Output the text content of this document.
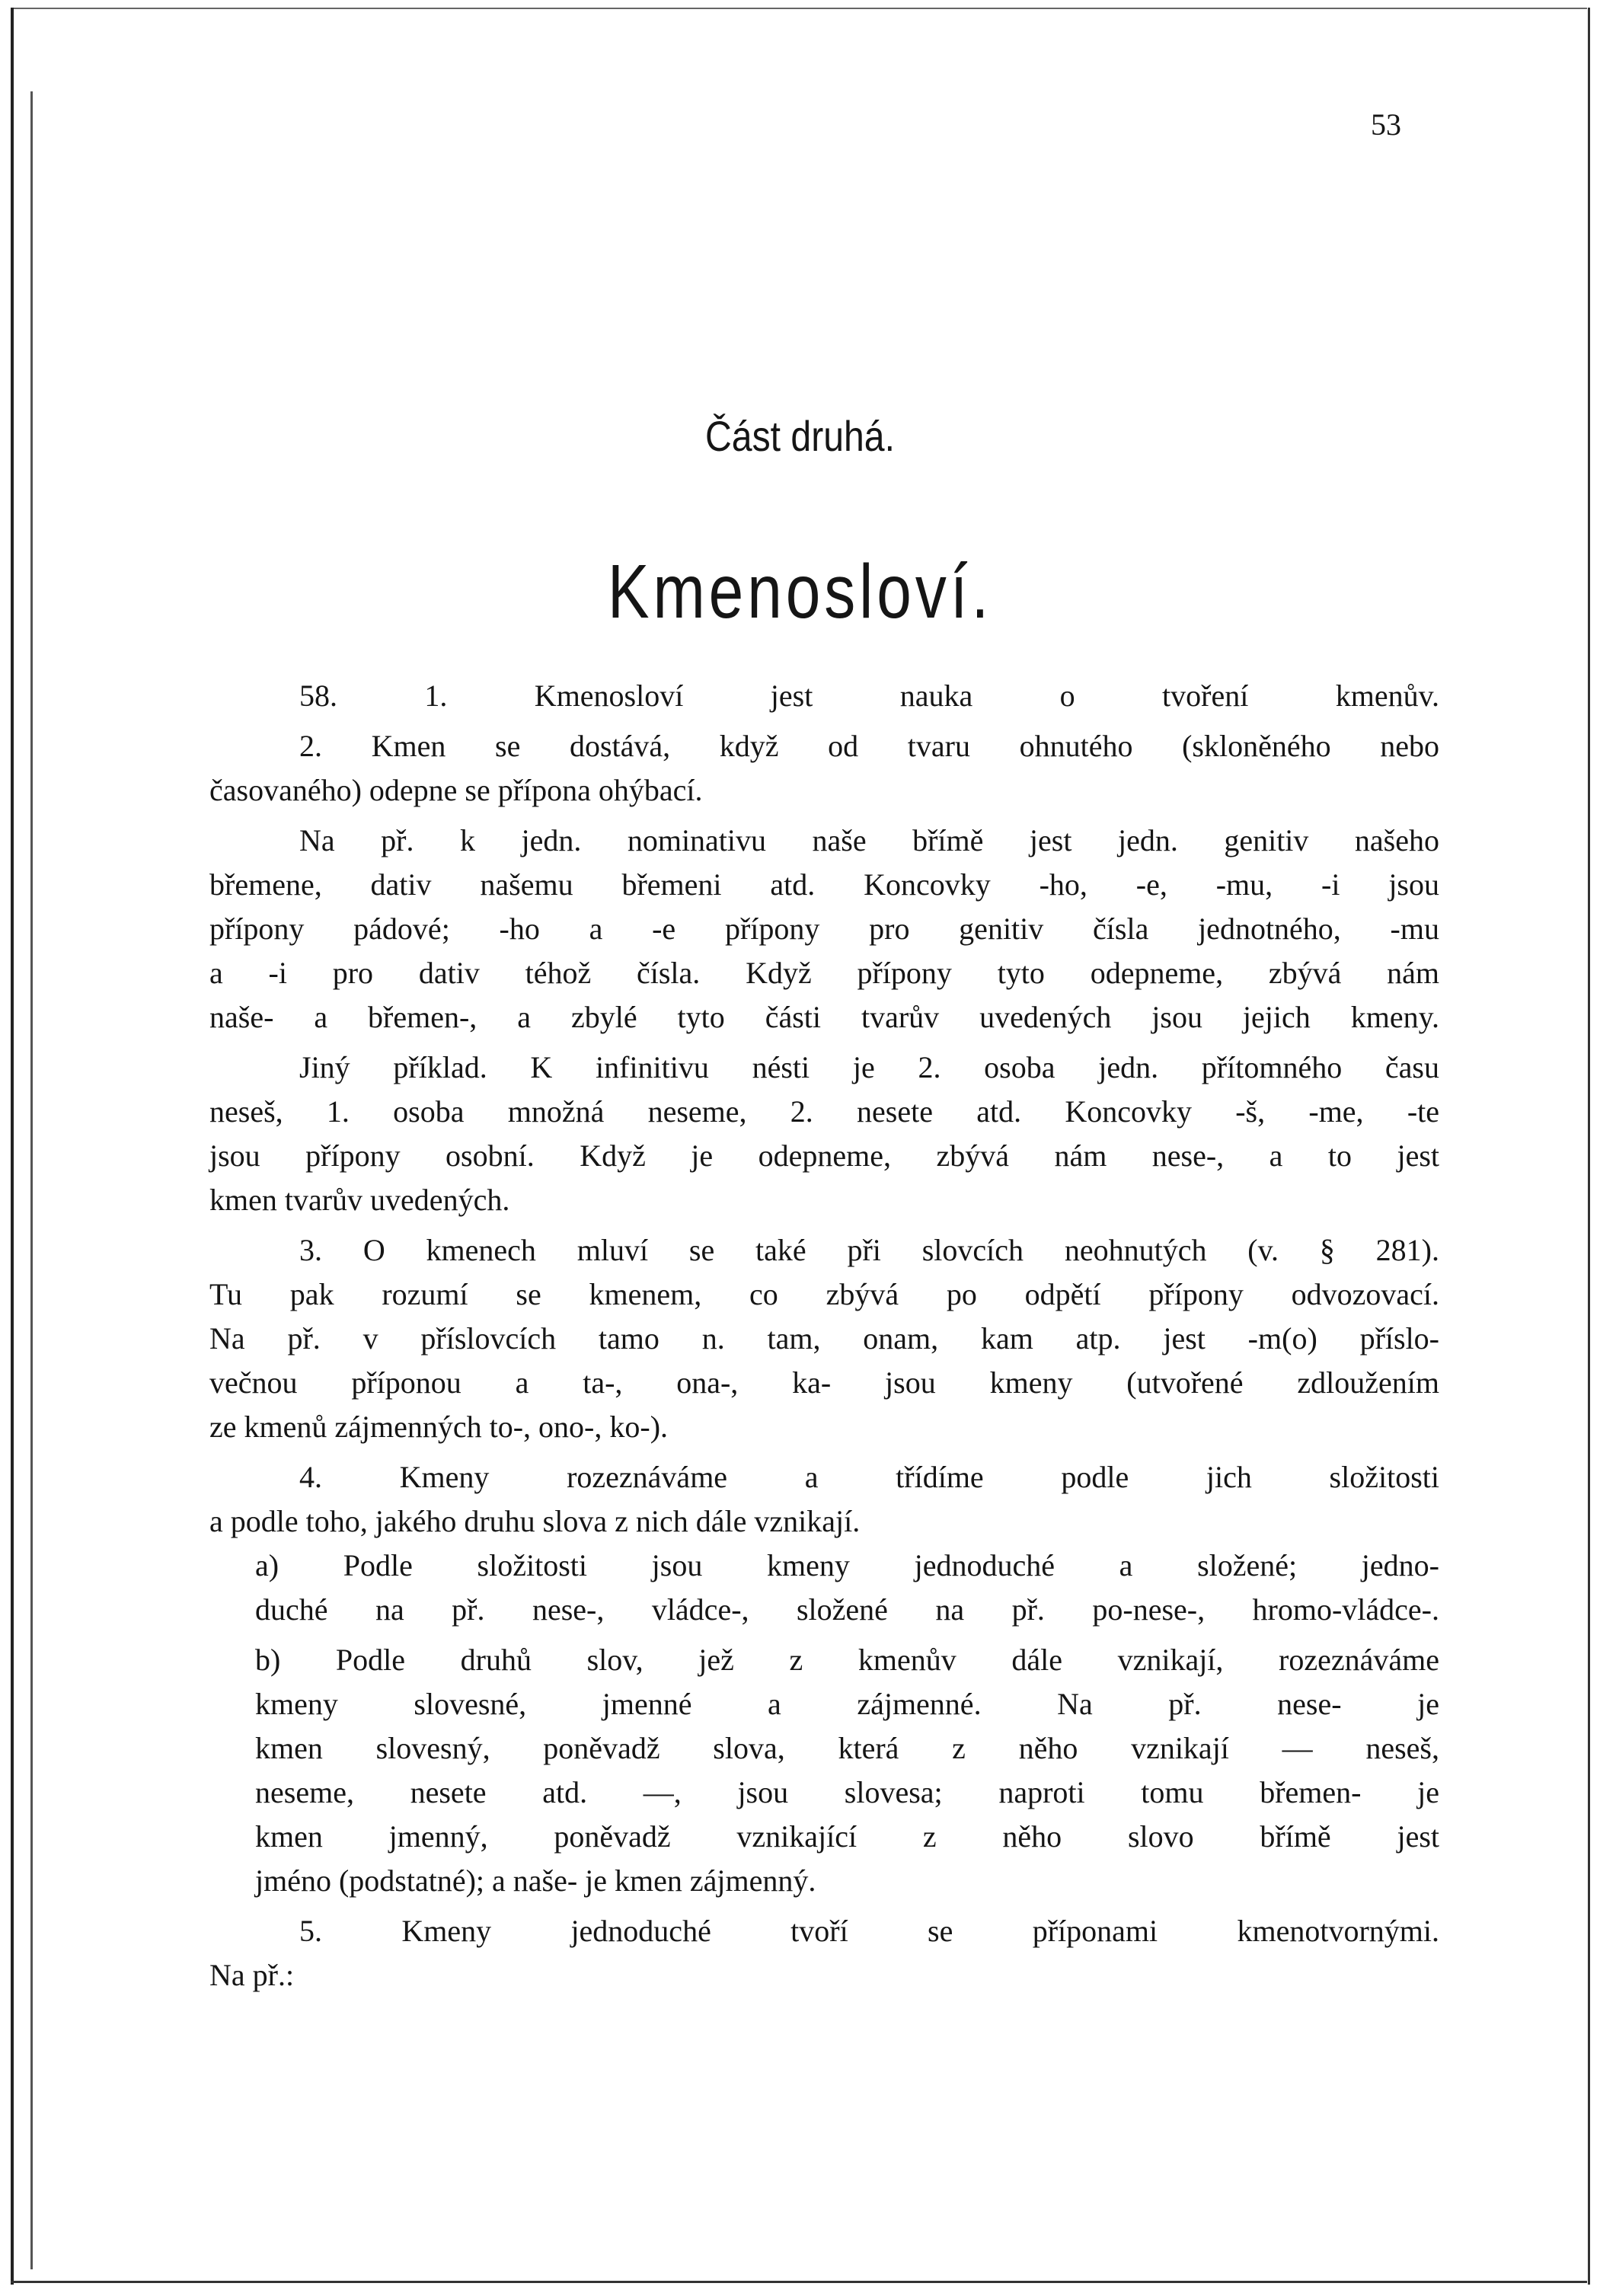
53
Část druhá.
Kmenosloví.
58. 1. Kmenosloví jest nauka o tvoření kmenův.
2. Kmen se dostává, když od tvaru ohnutého (skloněného nebo
časovaného) odepne se přípona ohýbací.
Na př. k jedn. nominativu naše břímě jest jedn. genitiv našeho
břemene, dativ našemu břemeni atd. Koncovky -ho, -e, -mu, -i jsou
přípony pádové; -ho a -e přípony pro genitiv čísla jednotného, -mu
a -i pro dativ téhož čísla. Když přípony tyto odepneme, zbývá nám
naše- a břemen-, a zbylé tyto části tvarův uvedených jsou jejich kmeny.
Jiný příklad. K infinitivu nésti je 2. osoba jedn. přítomného času
neseš, 1. osoba množná neseme, 2. nesete atd. Koncovky -š, -me, -te
jsou přípony osobní. Když je odepneme, zbývá nám nese-, a to jest
kmen tvarův uvedených.
3. O kmenech mluví se také při slovcích neohnutých (v. § 281).
Tu pak rozumí se kmenem, co zbývá po odpětí přípony odvozovací.
Na př. v příslovcích tamo n. tam, onam, kam atp. jest -m(o) příslo-
večnou příponou a ta-, ona-, ka- jsou kmeny (utvořené zdloužením
ze kmenů zájmenných to-, ono-, ko-).
4. Kmeny rozeznáváme a třídíme podle jich složitosti
a podle toho, jakého druhu slova z nich dále vznikají.
a) Podle složitosti jsou kmeny jednoduché a složené; jedno-
duché na př. nese-, vládce-, složené na př. po-nese-, hromo-vládce-.
b) Podle druhů slov, jež z kmenův dále vznikají, rozeznáváme
kmeny slovesné, jmenné a zájmenné. Na př. nese- je
kmen slovesný, poněvadž slova, která z něho vznikají — neseš,
neseme, nesete atd. —, jsou slovesa; naproti tomu břemen- je
kmen jmenný, poněvadž vznikající z něho slovo břímě jest
jméno (podstatné); a naše- je kmen zájmenný.
5. Kmeny jednoduché tvoří se příponami kmenotvornými.
Na př.:
